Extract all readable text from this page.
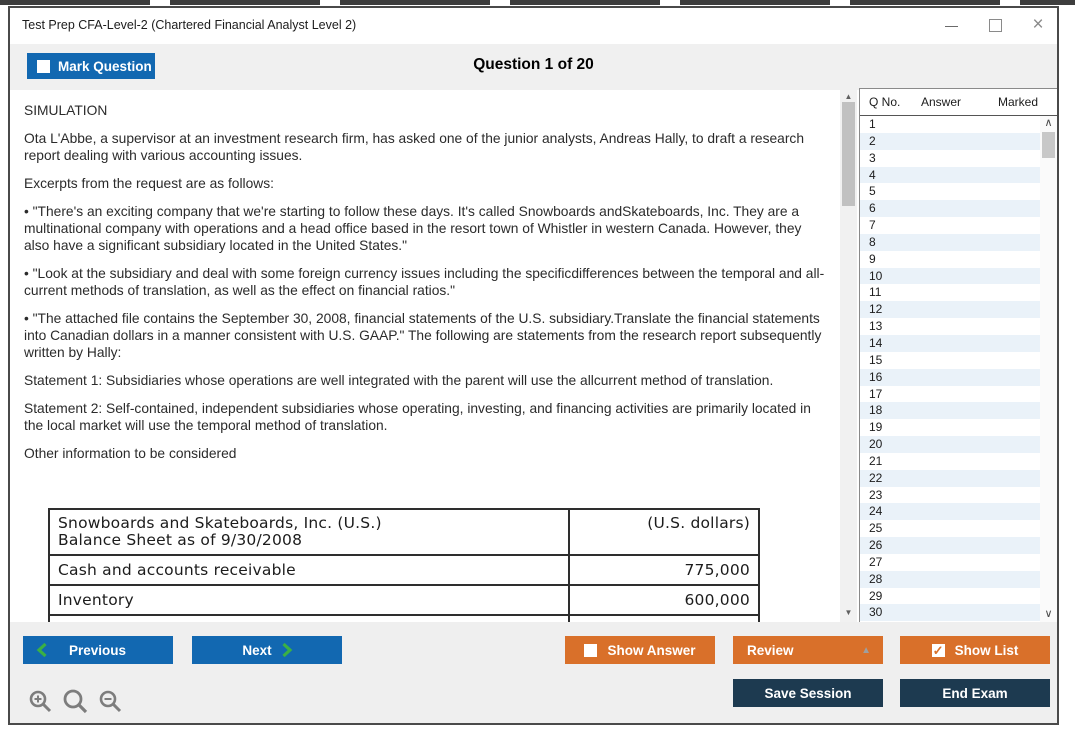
Test Prep CFA-Level-2 (Chartered Financial Analyst Level 2)	×
Mark Question	Question 1 of 20
SIMULATION

Ota L'Abbe, a supervisor at an investment research firm, has asked one of the junior analysts, Andreas Hally, to draft a research report dealing with various accounting issues.

Excerpts from the request are as follows:

• "There's an exciting company that we're starting to follow these days. It's called Snowboards andSkateboards, Inc. They are a multinational company with operations and a head office based in the resort town of Whistler in western Canada. However, they also have a significant subsidiary located in the United States."

• "Look at the subsidiary and deal with some foreign currency issues including the specificdifferences between the temporal and all-current methods of translation, as well as the effect on financial ratios."

• "The attached file contains the September 30, 2008, financial statements of the U.S. subsidiary.Translate the financial statements into Canadian dollars in a manner consistent with U.S. GAAP." The following are statements from the research report subsequently written by Hally:

Statement 1: Subsidiaries whose operations are well integrated with the parent will use the allcurrent method of translation.

Statement 2: Self-contained, independent subsidiaries whose operating, investing, and financing activities are primarily located in the local market will use the temporal method of translation.

Other information to be considered

Snowboards and Skateboards, Inc. (U.S.)
Balance Sheet as of 9/30/2008	(U.S. dollars)
Cash and accounts receivable	775,000
Inventory	600,000

▲
▼
Q No. Answer	Marked
1
2
3
4
5
6
7
8
9
10
11
12
13
14
15
16
17
18
19
20
21
22
23
24
25
26
27
28
29
30
∧
∨
Previous	Next	Show Answer	Review	▲	✓ Show List
Save Session	End Exam
